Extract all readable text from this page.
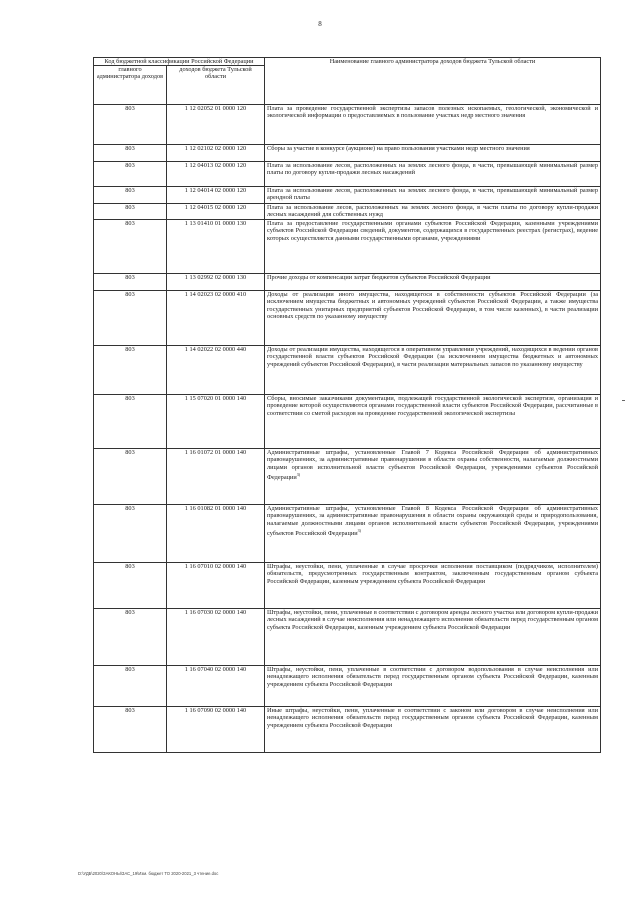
8
Код бюджетной классификации Российской Федерации		Наименование главного администратора доходов бюджета Тульской области
главного администратора доходов	доходов бюджета Тульской области	
803	1 12 02052 01 0000 120	Плата за проведение государственной экспертизы запасов полезных ископаемых, геологической, экономической и экологической информации о предоставляемых в пользование участках недр местного значения
803	1 12 02102 02 0000 120	Сборы за участие в конкурсе (аукционе) на право пользования участками недр местного значения
803	1 12 04013 02 0000 120	Плата за использование лесов, расположенных на землях лесного фонда, в части, превышающей минимальный размер платы по договору купли-продажи лесных насаждений
803	1 12 04014 02 0000 120	Плата за использование лесов, расположенных на землях лесного фонда, в части, превышающей минимальный размер арендной платы
803	1 12 04015 02 0000 120	Плата за использование лесов, расположенных на землях лесного фонда, в части платы по договору купли-продажи лесных насаждений для собственных нужд
803	1 13 01410 01 0000 130	Плата за предоставление государственными органами субъектов Российской Федерации, казенными учреждениями субъектов Российской Федерации сведений, документов, содержащихся в государственных реестрах (регистрах), ведение которых осуществляется данными государственными органами, учреждениями
803	1 13 02992 02 0000 130	Прочие доходы от компенсации затрат бюджетов субъектов Российской Федерации
803	1 14 02023 02 0000 410	Доходы от реализации иного имущества, находящегося в собственности субъектов Российской Федерации (за исключением имущества бюджетных и автономных учреждений субъектов Российской Федерации, а также имущества государственных унитарных предприятий субъектов Российской Федерации, в том числе казенных), в части реализации основных средств по указанному имуществу
803	1 14 02022 02 0000 440	Доходы от реализации имущества, находящегося в оперативном управлении учреждений, находящихся в ведении органов государственной власти субъектов Российской Федерации (за исключением имущества бюджетных и автономных учреждений субъектов Российской Федерации), в части реализации материальных запасов по указанному имуществу
803	1 15 07020 01 0000 140	Сборы, вносимые заказчиками документации, подлежащей государственной экологической экспертизе, организация и проведение которой осуществляются органами государственной власти субъектов Российской Федерации, рассчитанные в соответствии со сметой расходов на проведение государственной экологической экспертизы
803	1 16 01072 01 0000 140	Административные штрафы, установленные Главой 7 Кодекса Российской Федерации об административных правонарушениях, за административные правонарушения в области охраны собственности, налагаемые должностными лицами органов исполнительной власти субъектов Российской Федерации, учреждениями субъектов Российской Федерации$^{3)}$
803	1 16 01082 01 0000 140	Административные штрафы, установленные Главой 8 Кодекса Российской Федерации об административных правонарушениях, за административные правонарушения в области охраны окружающей среды и природопользования, налагаемые должностными лицами органов исполнительной власти субъектов Российской Федерации, учреждениями субъектов Российской Федерации$^{3)}$
803	1 16 07010 02 0000 140	Штрафы, неустойки, пени, уплаченные в случае просрочки исполнения поставщиком (подрядчиком, исполнителем) обязательств, предусмотренных государственным контрактом, заключенным государственным органом субъекта Российской Федерации, казенным учреждением субъекта Российской Федерации
803	1 16 07030 02 0000 140	Штрафы, неустойки, пени, уплаченные в соответствии с договором аренды лесного участка или договором купли-продажи лесных насаждений в случае неисполнения или ненадлежащего исполнения обязательств перед государственным органом субъекта Российской Федерации, казенным учреждением субъекта Российской Федерации
803	1 16 07040 02 0000 140	Штрафы, неустойки, пени, уплаченные в соответствии с договором водопользования в случае неисполнения или ненадлежащего исполнения обязательств перед государственным органом субъекта Российской Федерации, казенным учреждением субъекта Российской Федерации
803	1 16 07090 02 0000 140	Иные штрафы, неустойки, пени, уплаченные в соответствии с законом или договором в случае неисполнения или ненадлежащего исполнения обязательств перед государственным органом субъекта Российской Федерации, казенным учреждением субъекта Российской Федерации
D:\УДБ\2020\ЗАКОНЫ\ЗАС_19\Изм. бюджет ТО 2020-2021_3 чтение.doc
